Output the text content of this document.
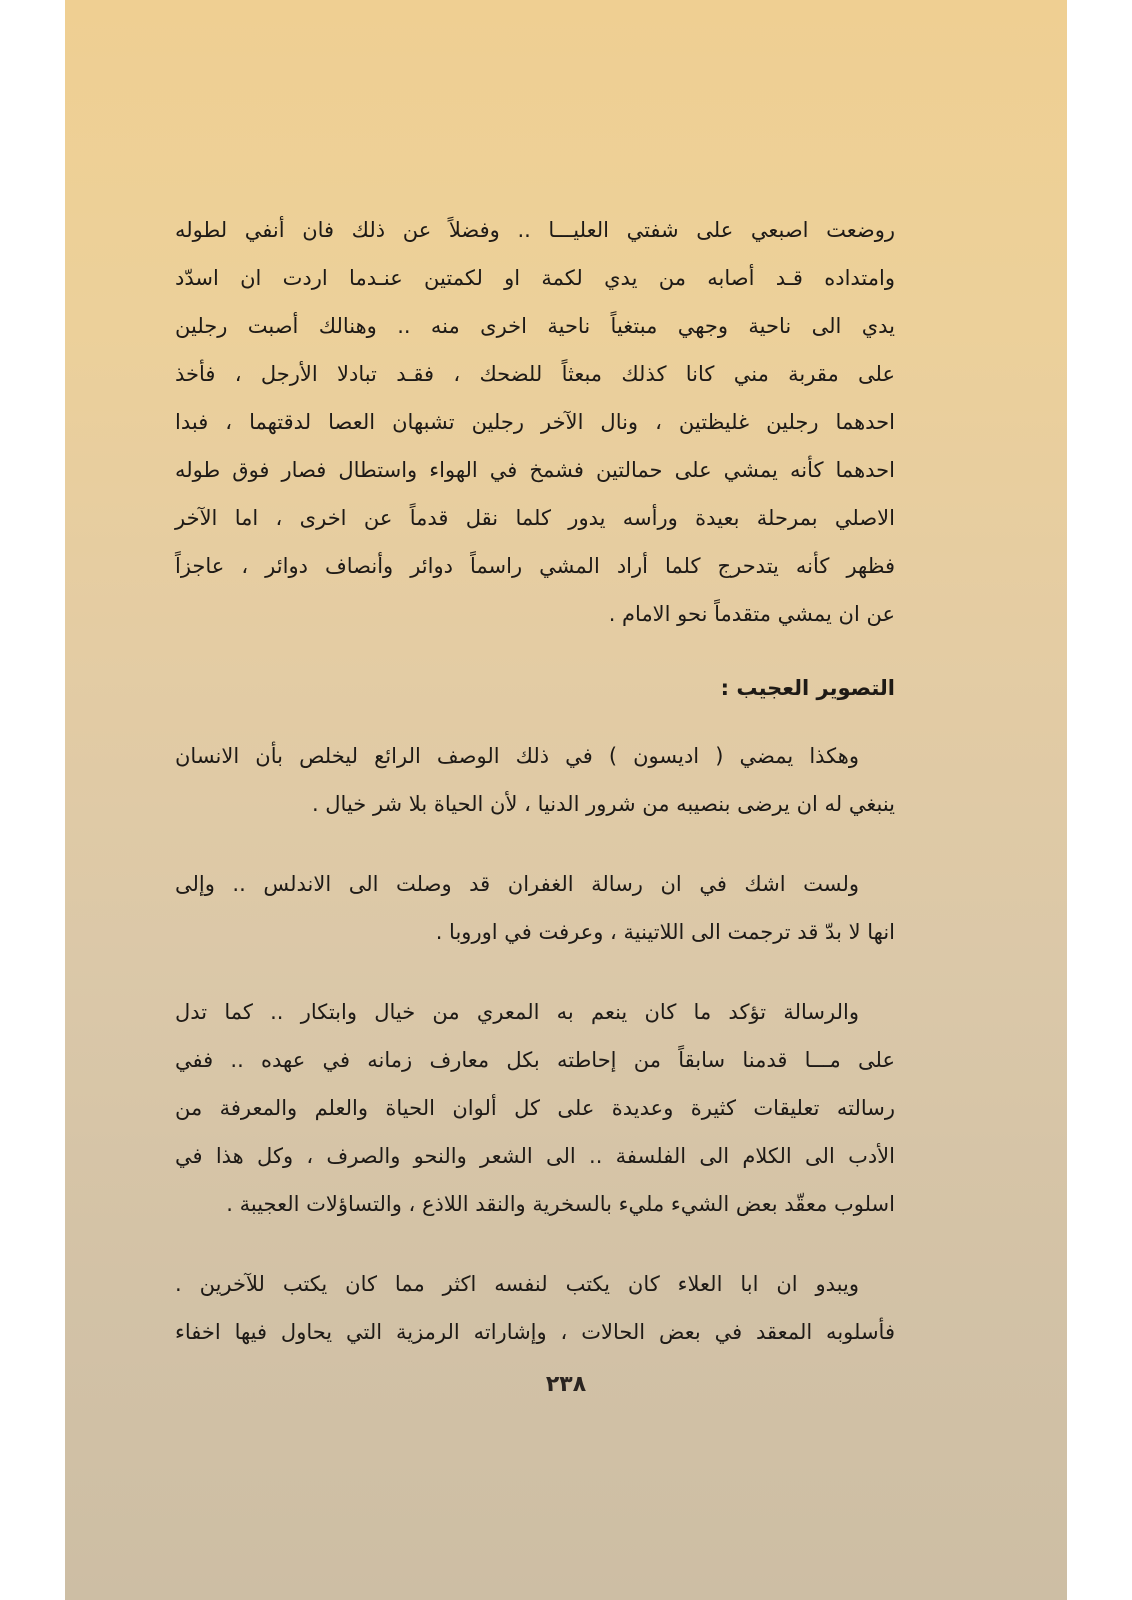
روضعت اصبعي على شفتي العليـــا .. وفضلاً عن ذلك فان أنفي لطوله
وامتداده قـد أصابه من يدي لكمة او لكمتين عنـدما اردت ان اسدّد
يدي الى ناحية وجهي مبتغياً ناحية اخرى منه .. وهنالك أصبت رجلين
على مقربة مني كانا كذلك مبعثاً للضحك ، فقـد تبادلا الأرجل ، فأخذ
احدهما رجلين غليظتين ، ونال الآخر رجلين تشبهان العصا لدقتهما ، فبدا
احدهما كأنه يمشي على حمالتين فشمخ في الهواء واستطال فصار فوق طوله
الاصلي بمرحلة بعيدة ورأسه يدور كلما نقل قدماً عن اخرى ، اما الآخر
فظهر كأنه يتدحرج كلما أراد المشي راسماً دوائر وأنصاف دوائر ، عاجزاً
عن ان يمشي متقدماً نحو الامام .
التصوير العجيب :
وهكذا يمضي ( اديسون ) في ذلك الوصف الرائع ليخلص بأن الانسان
ينبغي له ان يرضى بنصيبه من شرور الدنيا ، لأن الحياة بلا شر خيال .
ولست اشك في ان رسالة الغفران قد وصلت الى الاندلس .. وإلى
انها لا بدّ قد ترجمت الى اللاتينية ، وعرفت في اوروبا .
والرسالة تؤكد ما كان ينعم به المعري من خيال وابتكار .. كما تدل
على مـــا قدمنا سابقاً من إحاطته بكل معارف زمانه في عهده .. ففي
رسالته تعليقات كثيرة وعديدة على كل ألوان الحياة والعلم والمعرفة من
الأدب الى الكلام الى الفلسفة .. الى الشعر والنحو والصرف ، وكل هذا في
اسلوب معقّد بعض الشيء مليء بالسخرية والنقد اللاذع ، والتساؤلات العجيبة .
ويبدو ان ابا العلاء كان يكتب لنفسه اكثر مما كان يكتب للآخرين .
فأسلوبه المعقد في بعض الحالات ، وإشاراته الرمزية التي يحاول فيها اخفاء
٢٣٨
